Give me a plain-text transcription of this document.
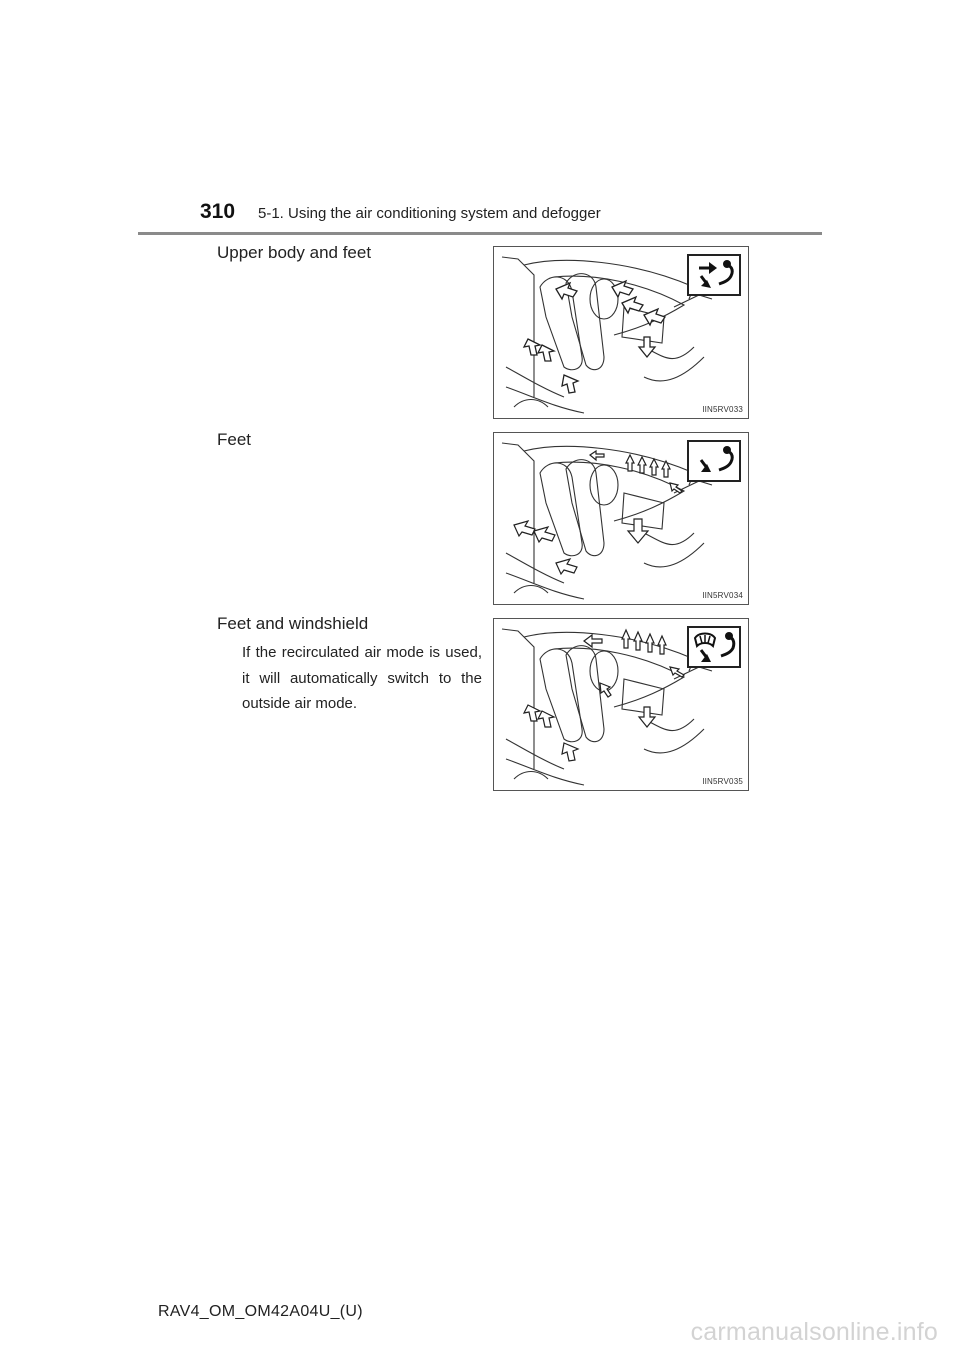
310 5-1. Using the air conditioning system and defogger
Upper body and feet
IIN5RV033
Feet
IIN5RV034
Feet and windshield
If the recirculated air mode is used, it will automatically switch to the outside air mode.
IIN5RV035
RAV4_OM_OM42A04U_(U)
carmanualsonline.info
